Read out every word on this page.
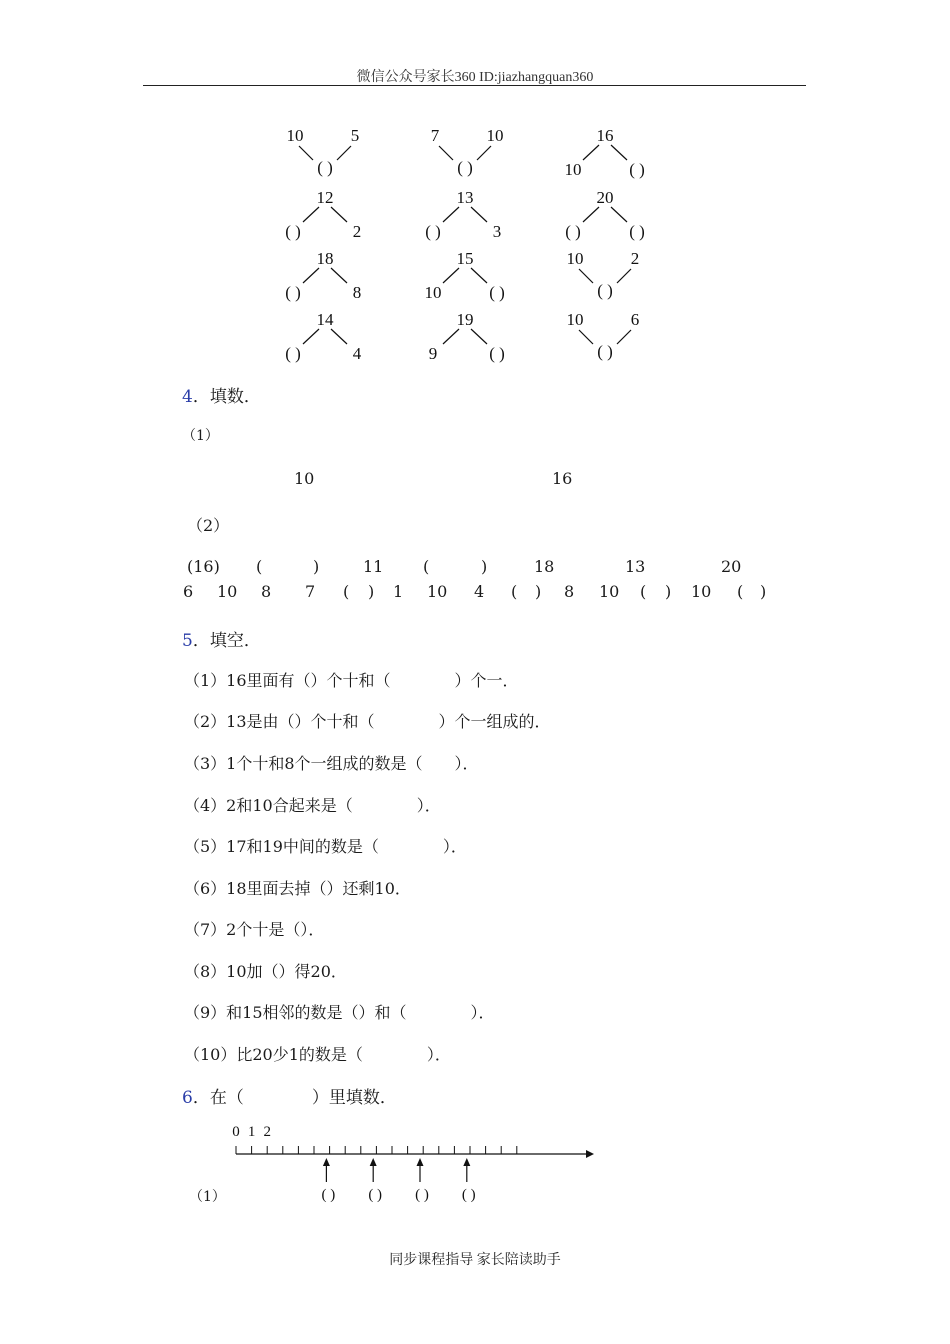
微信公众号家长360 ID:jiazhangquan360
10	5
( )
7	10
( )
16
10	( )
12
( )	2
13
( )	3
20
( )	( )
18
( )	8
15
10	( )
10	2
( )
14
( )	4
19
9	( )
10	6
( )
4．填数．
（1）
10	16
（2）
(16) (	)	11 (	)	18	13	20
6 10 8 7 ( ) 1 10 4 ( ) 8 10 ( ) 10 ( )
5．填空．
（1）16里面有（）个十和（　　　　）个一．
（2）13是由（）个十和（　　　　）个一组成的．
（3）1个十和8个一组成的数是（　　）．
（4）2和10合起来是（　　　　）．
（5）17和19中间的数是（　　　　）．
（6）18里面去掉（）还剩10．
（7）2个十是（）．
（8）10加（）得20．
（9）和15相邻的数是（）和（　　　　）．
（10）比20少1的数是（　　　　）．
6．在（　　　　）里填数．
（1）
0 1 2
( ) ( ) ( ) ( )
同步课程指导 家长陪读助手
